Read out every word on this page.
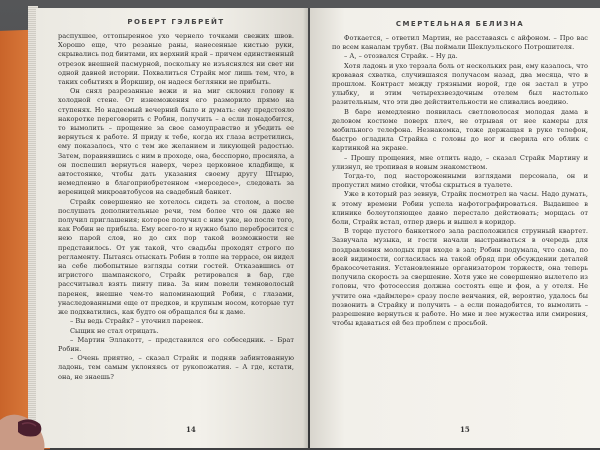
РОБЕРТ ГЭЛБРЕЙТ

распухшее, оттопыренное ухо чернело точками свежих швов. Хорошо еще, что резаные раны, нанесенные кистью руки, скрывались под бинтами, их верхний край – причем единственный отрезок внешней пасмурной, поскольку не изъяснялся ни свет ни одной давней истории. Похвалиться Страйк мог лишь тем, что, в таких событиях в Йоркшир, он надеся беглянки не прибыть.

Он снял разрезанные вежи и на миг склонил голову к холодной стене. От изнеможения его разморило прямо на ступенях. Но надеемый вечерний было и думать: ему предстояло накоротке переговорить с Робин, получить – а если понадобится, то вымолить – прощение за свое самоуправство и убедить ее вернуться к работе. Я приду к тебе, когда их глаза встретились, ему показалось, что с тем же желанием и ликующей радостью. Затем, поравнявшись с ним в проходе, она, бесспорно, просияла, а он поспешил вернуться наверх, через церковное кладбище, к автостоянке, чтобы дать указания своему другу Штырю, немедленно в благоприобретенном «мерседесе», следовать за вереницей микроавтобусов на свадебный банкет.

Страйк совершенно не хотелось сидеть за столом, а после послушать дополнительные речи, тем более что он даже не получил приглашения; которое получил с ним уже, но после того, как Робин не прибыла. Ему всего-то и нужно было перебросится с нею парой слов, но до сих пор такой возможности не представилось. От уж такой, что свадьбы проходят строго по регламенту. Пытаясь отыскать Робин в толпе на террасе, он видел на себе любопытные взгляды сотни гостей. Отказавшись от игристого шампанского, Страйк ретировался в бар, где рассчитывал взять пинту пива. За ним повели темноволосый паренек, внешне чем-то напоминающий Робин, с глазами, унаследованными еще от предков, и крупным носом, которые тут же подхватились, как будто он обращался бы к даме.

– Вы ведь Страйк? – уточнил паренек.

Сыщик не стал отрицать.

– Мартин Эллакотт, – представился его собеседник. – Брат Робин.

– Очень приятно, – сказал Страйк и подняв забинтованную ладонь, тем самым уклоняясь от рукопожатия. – А где, кстати, она, не знаешь?

14
СМЕРТЕЛЬНАЯ БЕЛИЗНА

Фоткается, – ответил Мартин, не расставаясь с айфоном. – Про вас по всем каналам трубят. (Вы поймали Шеклуэльского Потрошителя.

– А, – отозвался Страйк. – Ну да.

Хотя ладонь и ухо терзала боль от нескольких ран, ему казалось, что кровавая схватка, случившаяся получасом назад, два месяца, что в прошлом. Контраст между грязными норой, где он застал в утро улыбку, и этим четырехзвездочным отелем был настолько разительным, что эти две действительности не сливались воедино.

В баре немедленно появилась светловолосая молодая дама в деловом костюме поверх плеч, не отрывая от нее камеры для мобильного телефона. Незнакомка, тоже держащая в руке телефон, быстро огладила Страйка с головы до ног и сверила его облик с картинкой на экране.

– Прошу прощения, мне отлить надо, – сказал Страйк Мартину и улизнул, не тропивая в новым знакомством.

Тогда-то, под настороженными взглядами персонала, он и пропустил мимо стойки, чтобы скрыться в туалете.

Уже в который раз зевнув, Страйк посмотрел на часы. Надо думать, к этому времени Робин успела нафотографироваться. Выдавшее в клинике болеутоляющее давно перестало действовать; морщась от боли, Страйк встал, отпер дверь и вышел в коридор.

В торце пустого банкетного зала расположился струнный квартет. Зазвучала музыка, и гости начали выстраиваться в очередь для поздравления молодых при входе в зал; Робин подумала, что сама, по всей видимости, согласилась на такой обряд при обсуждении деталей бракосочетания. Установленные организатором торжеств, она теперь получила скорость за свершение. Хотя уже не совершенно вылетело из головы, что фотосессия должна состоять еще и фон, а у отеля. Не учтите она «даймлере» сразу после венчания, ей, вероятно, удалось бы позвонить в Страйку и получить – а если понадобится, то вымолить – разрешение вернуться к работе. Но мне и лее мужества или смирения, чтобы вдаваться ей без проблем с просьбой.

15
